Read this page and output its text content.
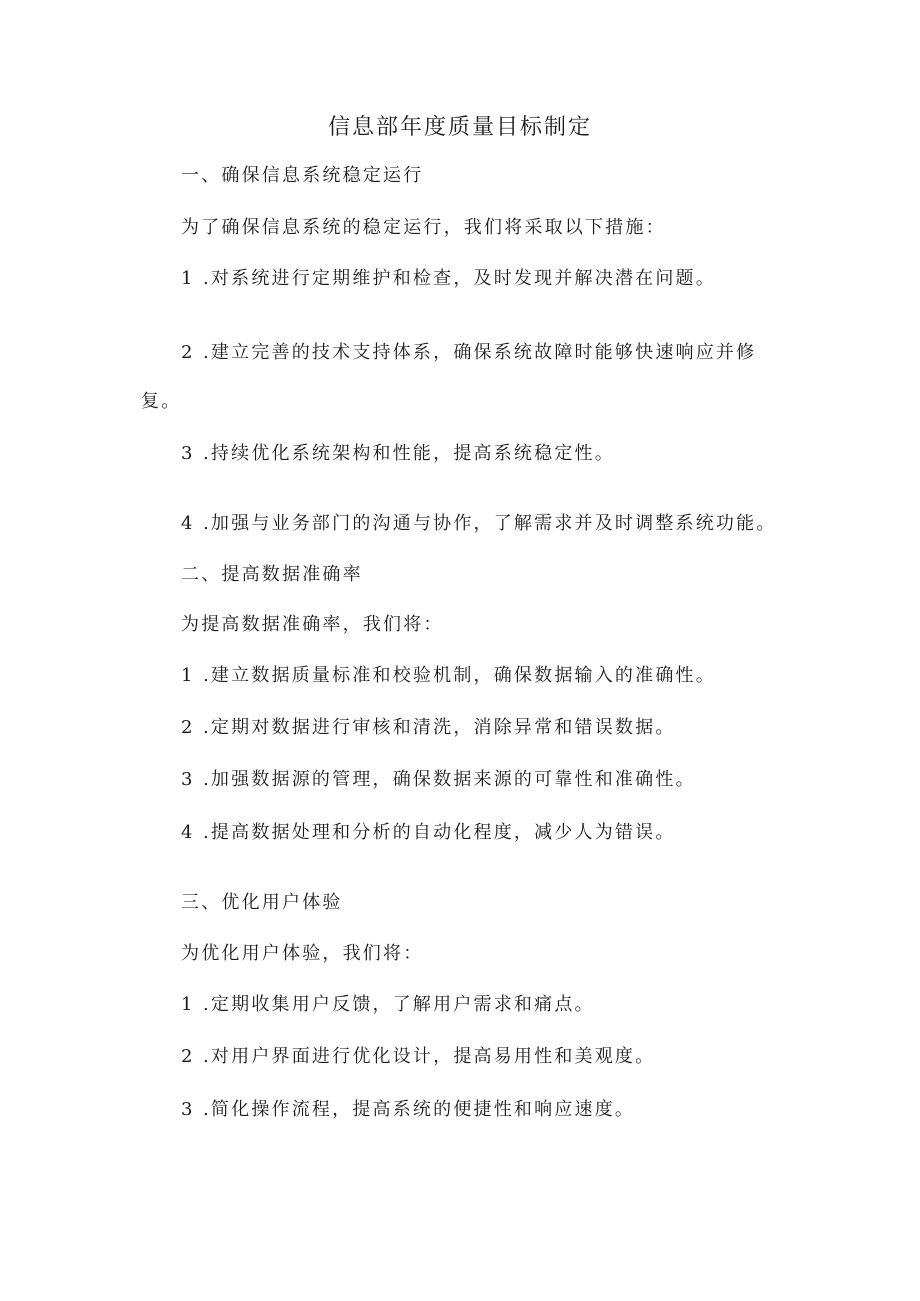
信息部年度质量目标制定
一、确保信息系统稳定运行
为了确保信息系统的稳定运行，我们将采取以下措施：
1 .对系统进行定期维护和检查，及时发现并解决潜在问题。
2 .建立完善的技术支持体系，确保系统故障时能够快速响应并修
复。
3 .持续优化系统架构和性能，提高系统稳定性。
4 .加强与业务部门的沟通与协作，了解需求并及时调整系统功能。
二、提高数据准确率
为提高数据准确率，我们将：
1 .建立数据质量标准和校验机制，确保数据输入的准确性。
2 .定期对数据进行审核和清洗，消除异常和错误数据。
3 .加强数据源的管理，确保数据来源的可靠性和准确性。
4 .提高数据处理和分析的自动化程度，减少人为错误。
三、优化用户体验
为优化用户体验，我们将：
1 .定期收集用户反馈，了解用户需求和痛点。
2 .对用户界面进行优化设计，提高易用性和美观度。
3 .简化操作流程，提高系统的便捷性和响应速度。
